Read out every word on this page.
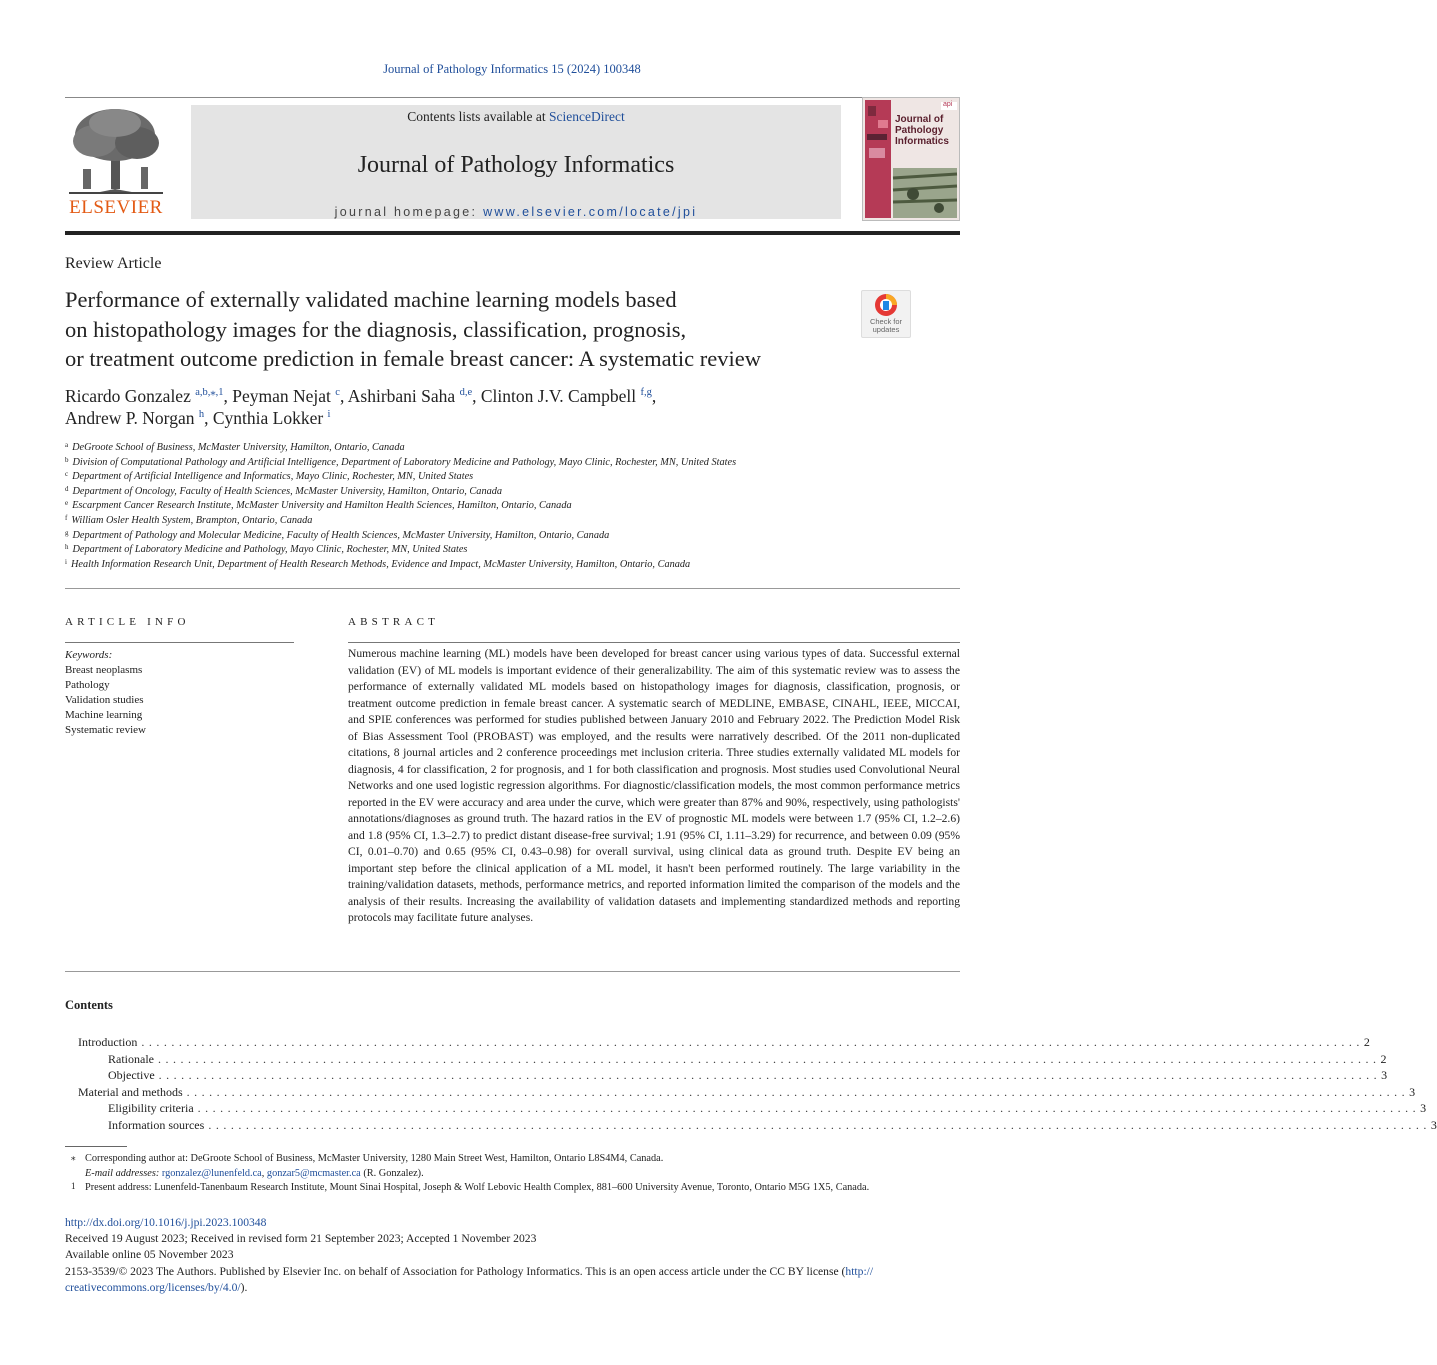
Journal of Pathology Informatics 15 (2024) 100348
ELSEVIER
Contents lists available at ScienceDirect
Journal of Pathology Informatics
journal homepage: www.elsevier.com/locate/jpi
api
Journal of
Pathology
Informatics
Review Article
Performance of externally validated machine learning models based
on histopathology images for the diagnosis, classification, prognosis,
or treatment outcome prediction in female breast cancer: A systematic review
Check for
updates
Ricardo Gonzalez $^{a,b,⁎,1}$, Peyman Nejat $^c$, Ashirbani Saha $^{d,e}$, Clinton J.V. Campbell $^{f,g}$,
Andrew P. Norgan $^h$, Cynthia Lokker $^i$
$^a$ DeGroote School of Business, McMaster University, Hamilton, Ontario, Canada
$^b$ Division of Computational Pathology and Artificial Intelligence, Department of Laboratory Medicine and Pathology, Mayo Clinic, Rochester, MN, United States
$^c$ Department of Artificial Intelligence and Informatics, Mayo Clinic, Rochester, MN, United States
$^d$ Department of Oncology, Faculty of Health Sciences, McMaster University, Hamilton, Ontario, Canada
$^e$ Escarpment Cancer Research Institute, McMaster University and Hamilton Health Sciences, Hamilton, Ontario, Canada
$^f$ William Osler Health System, Brampton, Ontario, Canada
$^g$ Department of Pathology and Molecular Medicine, Faculty of Health Sciences, McMaster University, Hamilton, Ontario, Canada
$^h$ Department of Laboratory Medicine and Pathology, Mayo Clinic, Rochester, MN, United States
$^i$ Health Information Research Unit, Department of Health Research Methods, Evidence and Impact, McMaster University, Hamilton, Ontario, Canada
ARTICLE INFO
Keywords:
Breast neoplasms
Pathology
Validation studies
Machine learning
Systematic review
ABSTRACT
Numerous machine learning (ML) models have been developed for breast cancer using various types of data. Successful external validation (EV) of ML models is important evidence of their generalizability. The aim of this systematic review was to assess the performance of externally validated ML models based on histopathology images for diagnosis, classification, prognosis, or treatment outcome prediction in female breast cancer. A systematic search of MEDLINE, EMBASE, CINAHL, IEEE, MICCAI, and SPIE conferences was performed for studies published between January 2010 and February 2022. The Prediction Model Risk of Bias Assessment Tool (PROBAST) was employed, and the results were narratively described. Of the 2011 non-duplicated citations, 8 journal articles and 2 conference proceedings met inclusion criteria. Three studies externally validated ML models for diagnosis, 4 for classification, 2 for prognosis, and 1 for both classification and prognosis. Most studies used Convolutional Neural Networks and one used logistic regression algorithms. For diagnostic/classification models, the most common performance metrics reported in the EV were accuracy and area under the curve, which were greater than 87% and 90%, respectively, using pathologists' annotations/diagnoses as ground truth. The hazard ratios in the EV of prognostic ML models were between 1.7 (95% CI, 1.2–2.6) and 1.8 (95% CI, 1.3–2.7) to predict distant disease-free survival; 1.91 (95% CI, 1.11–3.29) for recurrence, and between 0.09 (95% CI, 0.01–0.70) and 0.65 (95% CI, 0.43–0.98) for overall survival, using clinical data as ground truth. Despite EV being an important step before the clinical application of a ML model, it hasn't been performed routinely. The large variability in the training/validation datasets, methods, performance metrics, and reported information limited the comparison of the models and the analysis of their results. Increasing the availability of validation datasets and implementing standardized methods and reporting protocols may facilitate future analyses.
Contents
Introduction ................................................................................................................................................................... 2
Rationale ................................................................................................................................................................... 2
Objective ................................................................................................................................................................... 3
Material and methods ................................................................................................................................................................... 3
Eligibility criteria ................................................................................................................................................................... 3
Information sources ................................................................................................................................................................... 3
⁎ Corresponding author at: DeGroote School of Business, McMaster University, 1280 Main Street West, Hamilton, Ontario L8S4M4, Canada.
E-mail addresses: rgonzalez@lunenfeld.ca, gonzar5@mcmaster.ca (R. Gonzalez).
1 Present address: Lunenfeld-Tanenbaum Research Institute, Mount Sinai Hospital, Joseph & Wolf Lebovic Health Complex, 881–600 University Avenue, Toronto, Ontario M5G 1X5, Canada.
http://dx.doi.org/10.1016/j.jpi.2023.100348
Received 19 August 2023; Received in revised form 21 September 2023; Accepted 1 November 2023
Available online 05 November 2023
2153-3539/© 2023 The Authors. Published by Elsevier Inc. on behalf of Association for Pathology Informatics. This is an open access article under the CC BY license (http://
creativecommons.org/licenses/by/4.0/).
